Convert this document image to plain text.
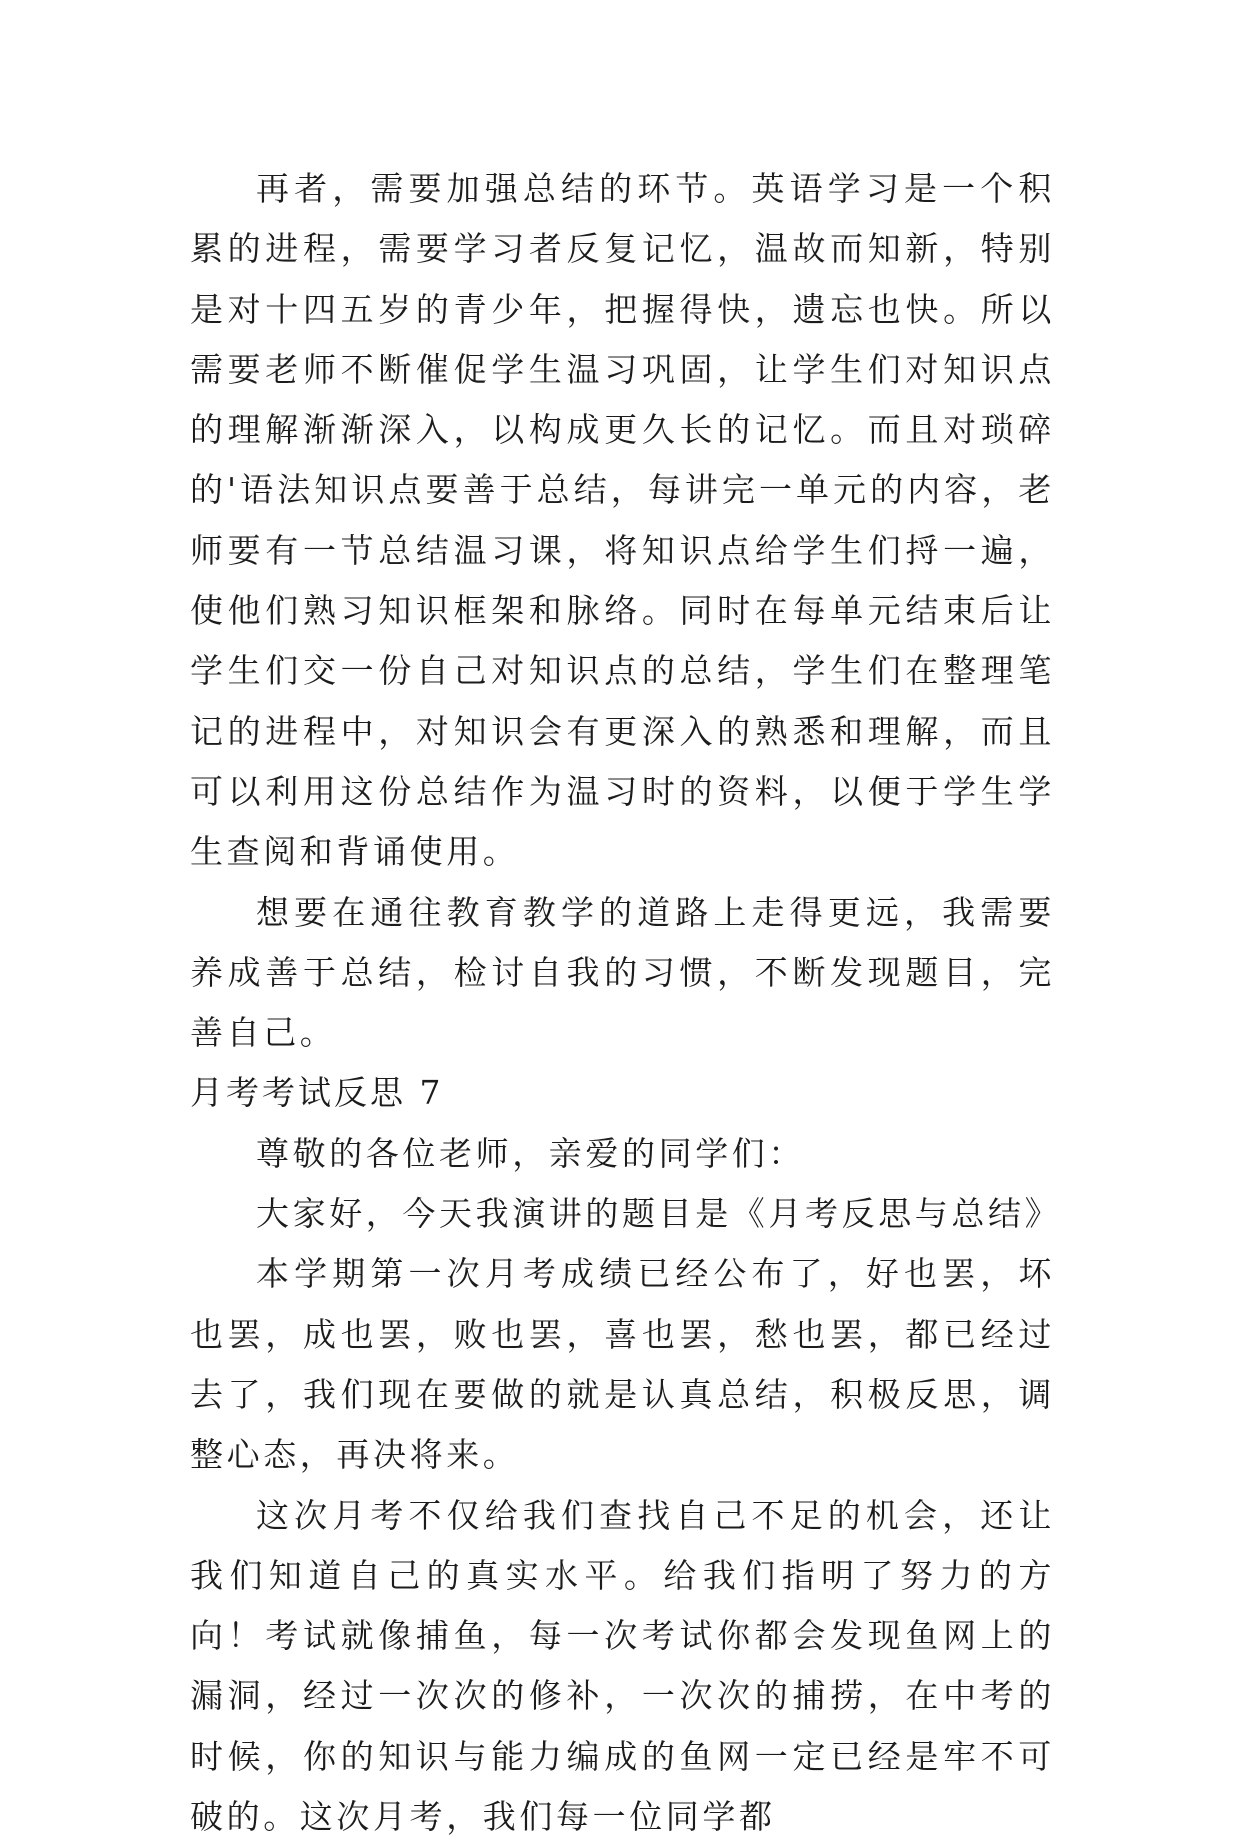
再者，需要加强总结的环节。英语学习是一个积累的进程，需要学习者反复记忆，温故而知新，特别是对十四五岁的青少年，把握得快，遗忘也快。所以需要老师不断催促学生温习巩固，让学生们对知识点的理解渐渐深入，以构成更久长的记忆。而且对琐碎的'语法知识点要善于总结，每讲完一单元的内容，老师要有一节总结温习课，将知识点给学生们捋一遍，使他们熟习知识框架和脉络。同时在每单元结束后让学生们交一份自己对知识点的总结，学生们在整理笔记的进程中，对知识会有更深入的熟悉和理解，而且可以利用这份总结作为温习时的资料，以便于学生学生查阅和背诵使用。

想要在通往教育教学的道路上走得更远，我需要养成善于总结，检讨自我的习惯，不断发现题目，完善自己。

月考考试反思 7

尊敬的各位老师，亲爱的同学们：

大家好，今天我演讲的题目是《月考反思与总结》

本学期第一次月考成绩已经公布了，好也罢，坏也罢，成也罢，败也罢，喜也罢，愁也罢，都已经过去了，我们现在要做的就是认真总结，积极反思，调整心态，再决将来。

这次月考不仅给我们查找自己不足的机会，还让我们知道自己的真实水平。给我们指明了努力的方向！考试就像捕鱼，每一次考试你都会发现鱼网上的漏洞，经过一次次的修补，一次次的捕捞，在中考的时候，你的知识与能力编成的鱼网一定已经是牢不可破的。这次月考，我们每一位同学都
